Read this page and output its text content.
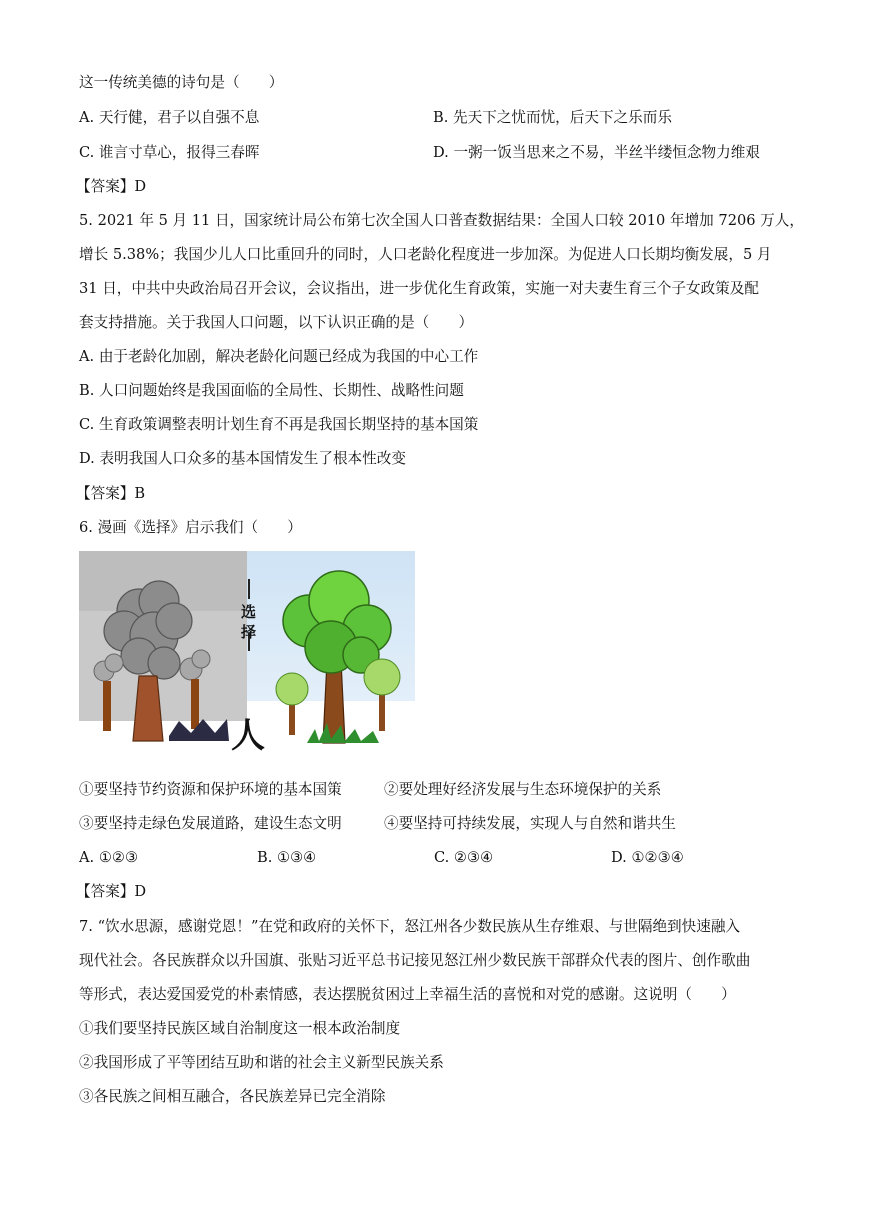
这一传统美德的诗句是（　　）
A. 天行健，君子以自强不息	B. 先天下之忧而忧，后天下之乐而乐
C. 谁言寸草心，报得三春晖	D. 一粥一饭当思来之不易，半丝半缕恒念物力维艰
【答案】D
5. 2021 年 5 月 11 日，国家统计局公布第七次全国人口普查数据结果：全国人口较 2010 年增加 7206 万人，
增长 5.38%；我国少儿人口比重回升的同时，人口老龄化程度进一步加深。为促进人口长期均衡发展，5 月
31 日，中共中央政治局召开会议，会议指出，进一步优化生育政策，实施一对夫妻生育三个子女政策及配
套支持措施。关于我国人口问题，以下认识正确的是（　　）
A. 由于老龄化加剧，解决老龄化问题已经成为我国的中心工作
B. 人口问题始终是我国面临的全局性、长期性、战略性问题
C. 生育政策调整表明计划生育不再是我国长期坚持的基本国策
D. 表明我国人口众多的基本国情发生了根本性改变
【答案】B
6. 漫画《选择》启示我们（　　）
选
择
人
①要坚持节约资源和保护环境的基本国策	②要处理好经济发展与生态环境保护的关系
③要坚持走绿色发展道路，建设生态文明	④要坚持可持续发展，实现人与自然和谐共生
A. ①②③	B. ①③④	C. ②③④	D. ①②③④
【答案】D
7. “饮水思源，感谢党恩！”在党和政府的关怀下，怒江州各少数民族从生存维艰、与世隔绝到快速融入
现代社会。各民族群众以升国旗、张贴习近平总书记接见怒江州少数民族干部群众代表的图片、创作歌曲
等形式，表达爱国爱党的朴素情感，表达摆脱贫困过上幸福生活的喜悦和对党的感谢。这说明（　　）
①我们要坚持民族区域自治制度这一根本政治制度
②我国形成了平等团结互助和谐的社会主义新型民族关系
③各民族之间相互融合，各民族差异已完全消除
